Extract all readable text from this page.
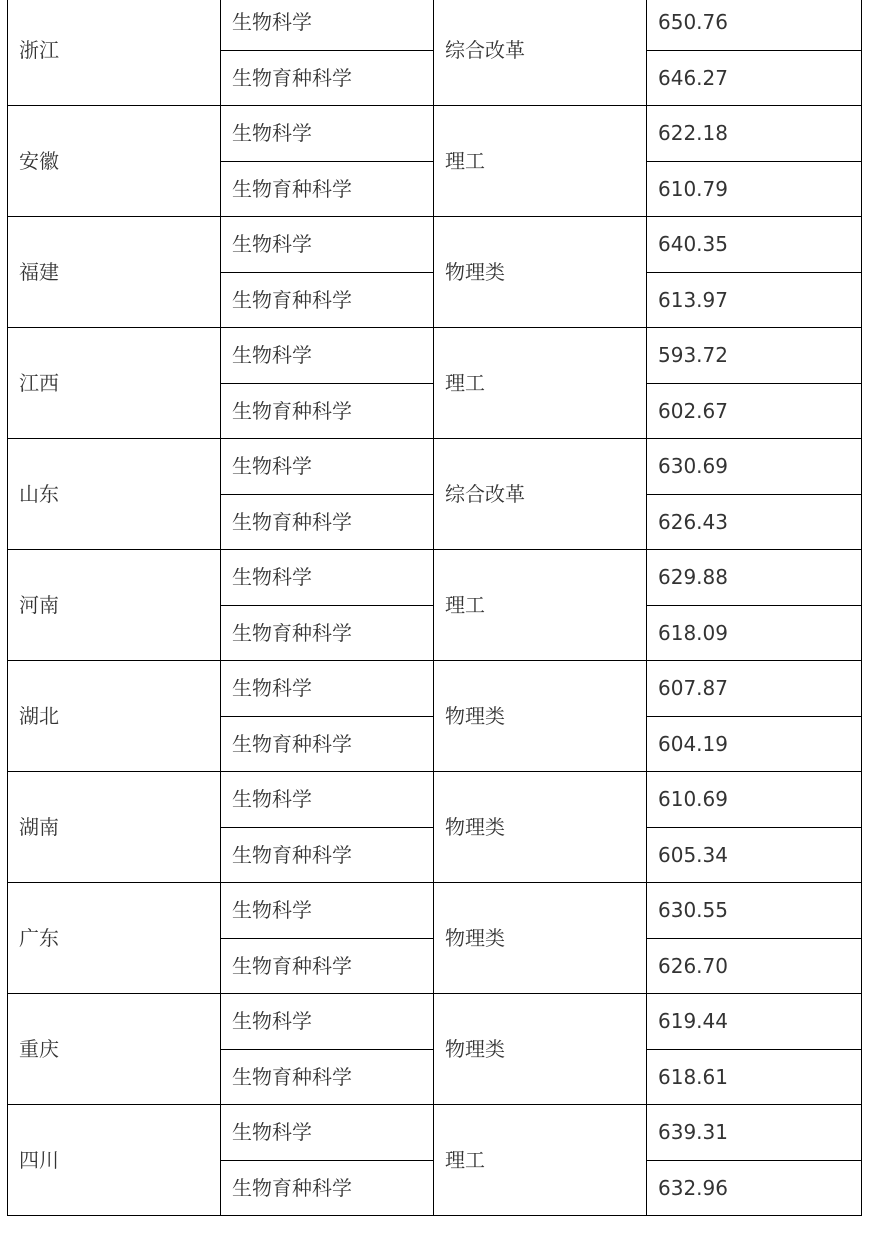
浙江	生物科学	综合改革	650.76
	生物育种科学		646.27
安徽	生物科学	理工	622.18
	生物育种科学		610.79
福建	生物科学	物理类	640.35
	生物育种科学		613.97
江西	生物科学	理工	593.72
	生物育种科学		602.67
山东	生物科学	综合改革	630.69
	生物育种科学		626.43
河南	生物科学	理工	629.88
	生物育种科学		618.09
湖北	生物科学	物理类	607.87
	生物育种科学		604.19
湖南	生物科学	物理类	610.69
	生物育种科学		605.34
广东	生物科学	物理类	630.55
	生物育种科学		626.70
重庆	生物科学	物理类	619.44
	生物育种科学		618.61
四川	生物科学	理工	639.31
	生物育种科学		632.96
